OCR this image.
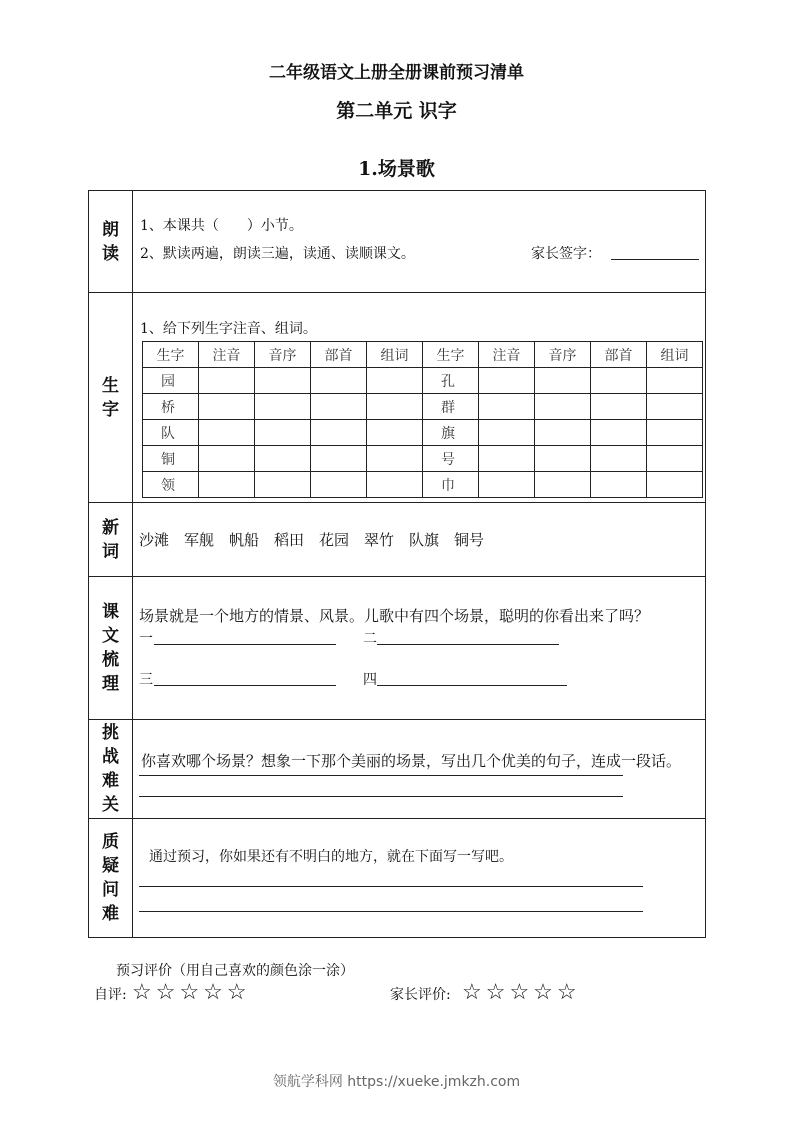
二年级语文上册全册课前预习清单
第二单元 识字
1.场景歌
朗
读
1、本课共（　　）小节。
2、默读两遍，朗读三遍，读通、读顺课文。	家长签字：
生
字
1、给下列生字注音、组词。
生字	注音	音序	部首	组词	生字	注音	音序	部首	组词
园					孔				
桥					群				
队					旗				
铜					号				
领					巾				
新
词
沙滩　军舰　帆船　稻田　花园　翠竹　队旗　铜号
课
文
梳
理
场景就是一个地方的情景、风景。儿歌中有四个场景，聪明的你看出来了吗？
一	二
三	四
挑
战
难
关
你喜欢哪个场景？想象一下那个美丽的场景，写出几个优美的句子，连成一段话。
质
疑
问
难
通过预习，你如果还有不明白的地方，就在下面写一写吧。
预习评价（用自己喜欢的颜色涂一涂）
自评: ☆☆☆☆☆	家长评价: ☆☆☆☆☆
领航学科网 https://xueke.jmkzh.com
